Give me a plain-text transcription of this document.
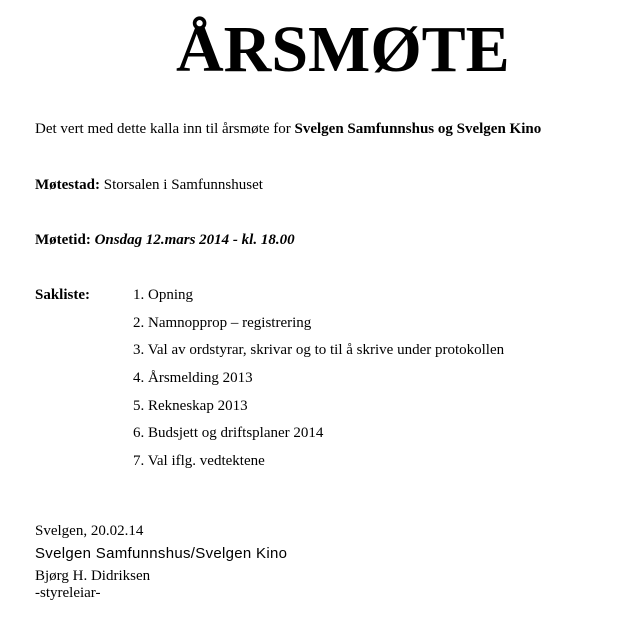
ÅRSMØTE
Det vert med dette kalla inn til årsmøte for Svelgen Samfunnshus og Svelgen Kino
Møtestad: Storsalen i Samfunnshuset
Møtetid: Onsdag 12.mars 2014 - kl. 18.00
Sakliste:	1. Opning
2. Namnopprop – registrering
3. Val av ordstyrar, skrivar og to til å skrive under protokollen
4. Årsmelding 2013
5. Rekneskap 2013
6. Budsjett og driftsplaner 2014
7. Val iflg. vedtektene
Svelgen, 20.02.14
Svelgen Samfunnshus/Svelgen Kino
Bjørg H. Didriksen
-styreleiar-
